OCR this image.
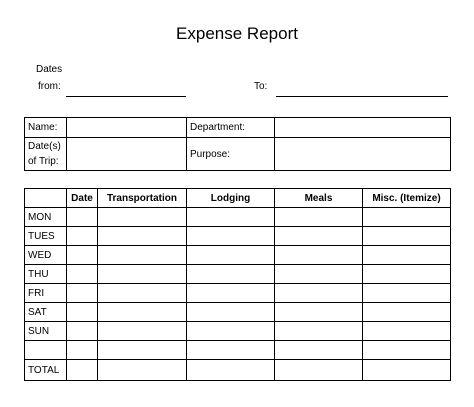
Expense Report
Dates
from:	To:
Name:		Department:	
Date(s)
of Trip:		Purpose:	
	Date	Transportation	Lodging	Meals	Misc. (Itemize)
MON					
TUES					
WED					
THU					
FRI					
SAT					
SUN					

TOTAL					
